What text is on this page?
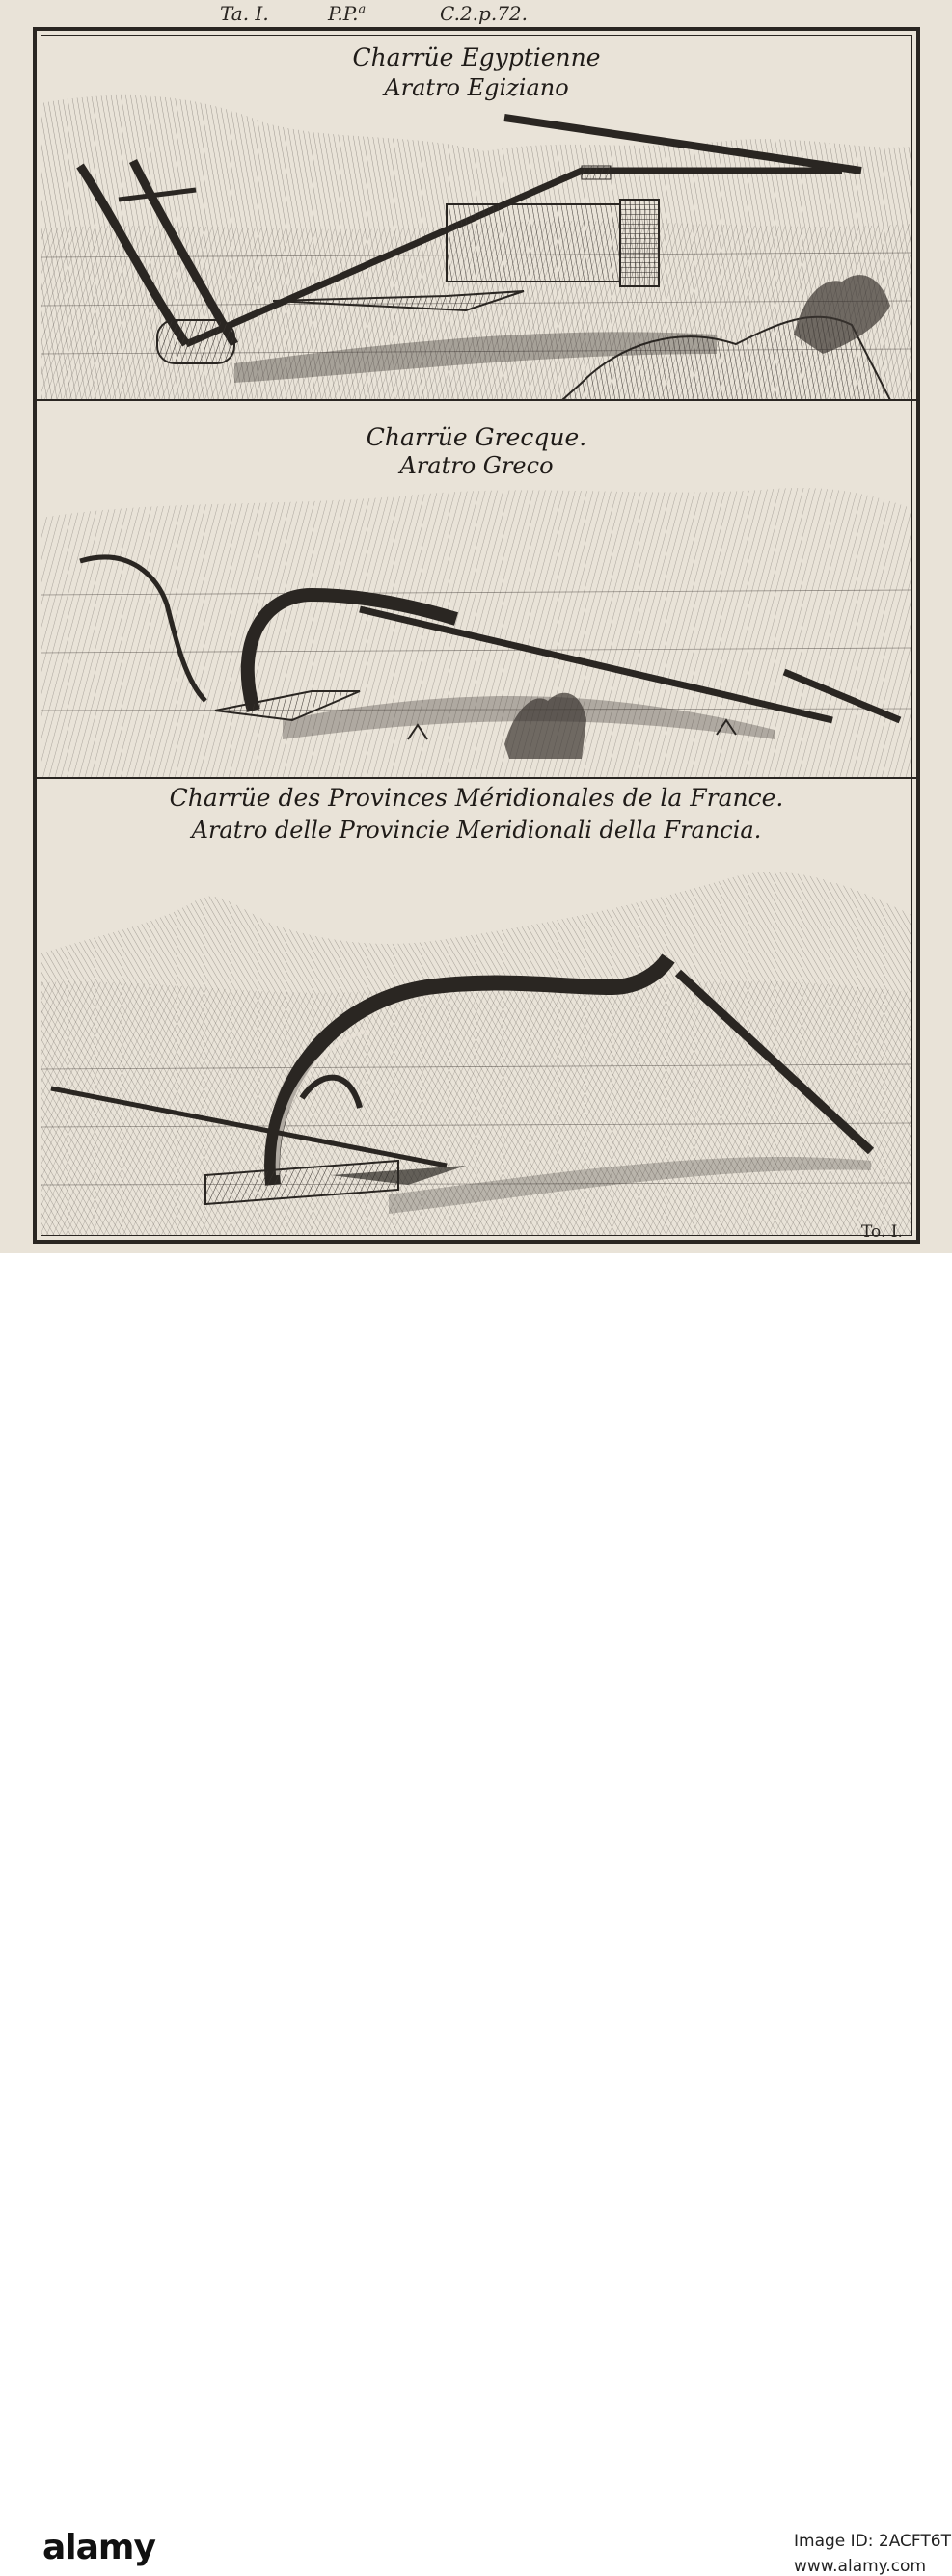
Ta. I.	P.P.$^a$	C.2.p.72.
Charrüe Egyptienne
Aratro Egiziano
Charrüe Grecque.
Aratro Greco
Charrüe des Provinces Méridionales de la France.
Aratro delle Provincie Meridionali della Francia.
To. I.
alamy	Image ID: 2ACFT6T
www.alamy.com
